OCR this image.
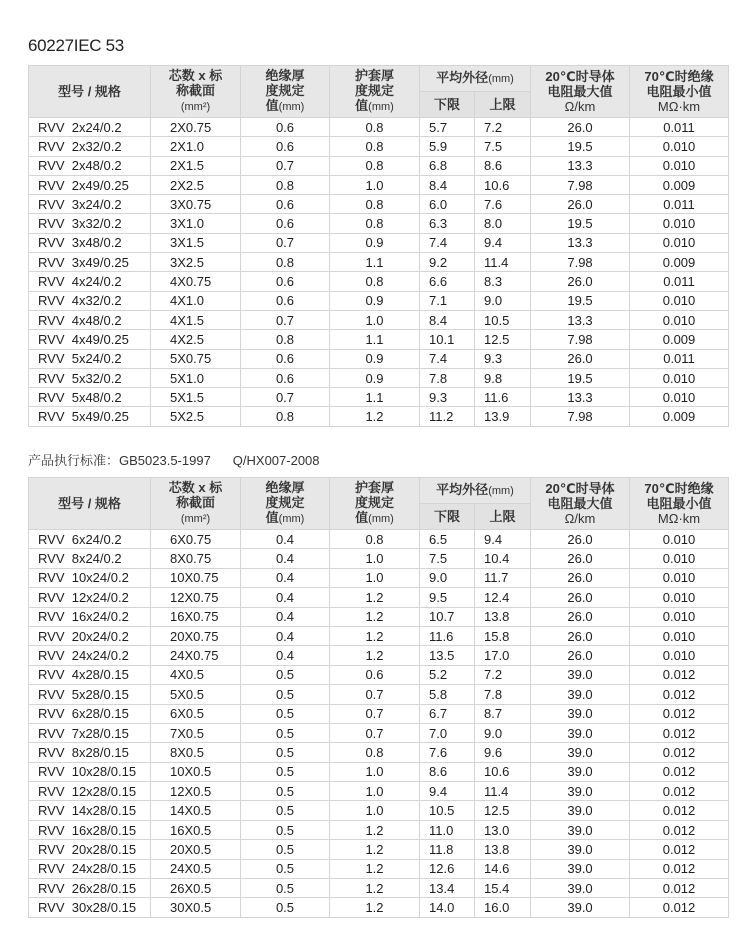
60227IEC 53
型号 / 规格	芯数 x 标
称截面
(mm²)	绝缘厚
度规定
值(mm)	护套厚
度规定
值(mm)	平均外径(mm)		20℃时导体
电阻最大值
Ω/km	70℃时绝缘
电阻最小值
MΩ·km
				下限	上限		
RVV  2x24/0.2	2X0.75	0.6	0.8	5.7	7.2	26.0	0.011
RVV  2x32/0.2	2X1.0	0.6	0.8	5.9	7.5	19.5	0.010
RVV  2x48/0.2	2X1.5	0.7	0.8	6.8	8.6	13.3	0.010
RVV  2x49/0.25	2X2.5	0.8	1.0	8.4	10.6	7.98	0.009
RVV  3x24/0.2	3X0.75	0.6	0.8	6.0	7.6	26.0	0.011
RVV  3x32/0.2	3X1.0	0.6	0.8	6.3	8.0	19.5	0.010
RVV  3x48/0.2	3X1.5	0.7	0.9	7.4	9.4	13.3	0.010
RVV  3x49/0.25	3X2.5	0.8	1.1	9.2	11.4	7.98	0.009
RVV  4x24/0.2	4X0.75	0.6	0.8	6.6	8.3	26.0	0.011
RVV  4x32/0.2	4X1.0	0.6	0.9	7.1	9.0	19.5	0.010
RVV  4x48/0.2	4X1.5	0.7	1.0	8.4	10.5	13.3	0.010
RVV  4x49/0.25	4X2.5	0.8	1.1	10.1	12.5	7.98	0.009
RVV  5x24/0.2	5X0.75	0.6	0.9	7.4	9.3	26.0	0.011
RVV  5x32/0.2	5X1.0	0.6	0.9	7.8	9.8	19.5	0.010
RVV  5x48/0.2	5X1.5	0.7	1.1	9.3	11.6	13.3	0.010
RVV  5x49/0.25	5X2.5	0.8	1.2	11.2	13.9	7.98	0.009
产品执行标准：GB5023.5-1997 Q/HX007-2008
型号 / 规格	芯数 x 标
称截面
(mm²)	绝缘厚
度规定
值(mm)	护套厚
度规定
值(mm)	平均外径(mm)		20℃时导体
电阻最大值
Ω/km	70℃时绝缘
电阻最小值
MΩ·km
				下限	上限		
RVV  6x24/0.2	6X0.75	0.4	0.8	6.5	9.4	26.0	0.010
RVV  8x24/0.2	8X0.75	0.4	1.0	7.5	10.4	26.0	0.010
RVV  10x24/0.2	10X0.75	0.4	1.0	9.0	11.7	26.0	0.010
RVV  12x24/0.2	12X0.75	0.4	1.2	9.5	12.4	26.0	0.010
RVV  16x24/0.2	16X0.75	0.4	1.2	10.7	13.8	26.0	0.010
RVV  20x24/0.2	20X0.75	0.4	1.2	11.6	15.8	26.0	0.010
RVV  24x24/0.2	24X0.75	0.4	1.2	13.5	17.0	26.0	0.010
RVV  4x28/0.15	4X0.5	0.5	0.6	5.2	7.2	39.0	0.012
RVV  5x28/0.15	5X0.5	0.5	0.7	5.8	7.8	39.0	0.012
RVV  6x28/0.15	6X0.5	0.5	0.7	6.7	8.7	39.0	0.012
RVV  7x28/0.15	7X0.5	0.5	0.7	7.0	9.0	39.0	0.012
RVV  8x28/0.15	8X0.5	0.5	0.8	7.6	9.6	39.0	0.012
RVV  10x28/0.15	10X0.5	0.5	1.0	8.6	10.6	39.0	0.012
RVV  12x28/0.15	12X0.5	0.5	1.0	9.4	11.4	39.0	0.012
RVV  14x28/0.15	14X0.5	0.5	1.0	10.5	12.5	39.0	0.012
RVV  16x28/0.15	16X0.5	0.5	1.2	11.0	13.0	39.0	0.012
RVV  20x28/0.15	20X0.5	0.5	1.2	11.8	13.8	39.0	0.012
RVV  24x28/0.15	24X0.5	0.5	1.2	12.6	14.6	39.0	0.012
RVV  26x28/0.15	26X0.5	0.5	1.2	13.4	15.4	39.0	0.012
RVV  30x28/0.15	30X0.5	0.5	1.2	14.0	16.0	39.0	0.012
